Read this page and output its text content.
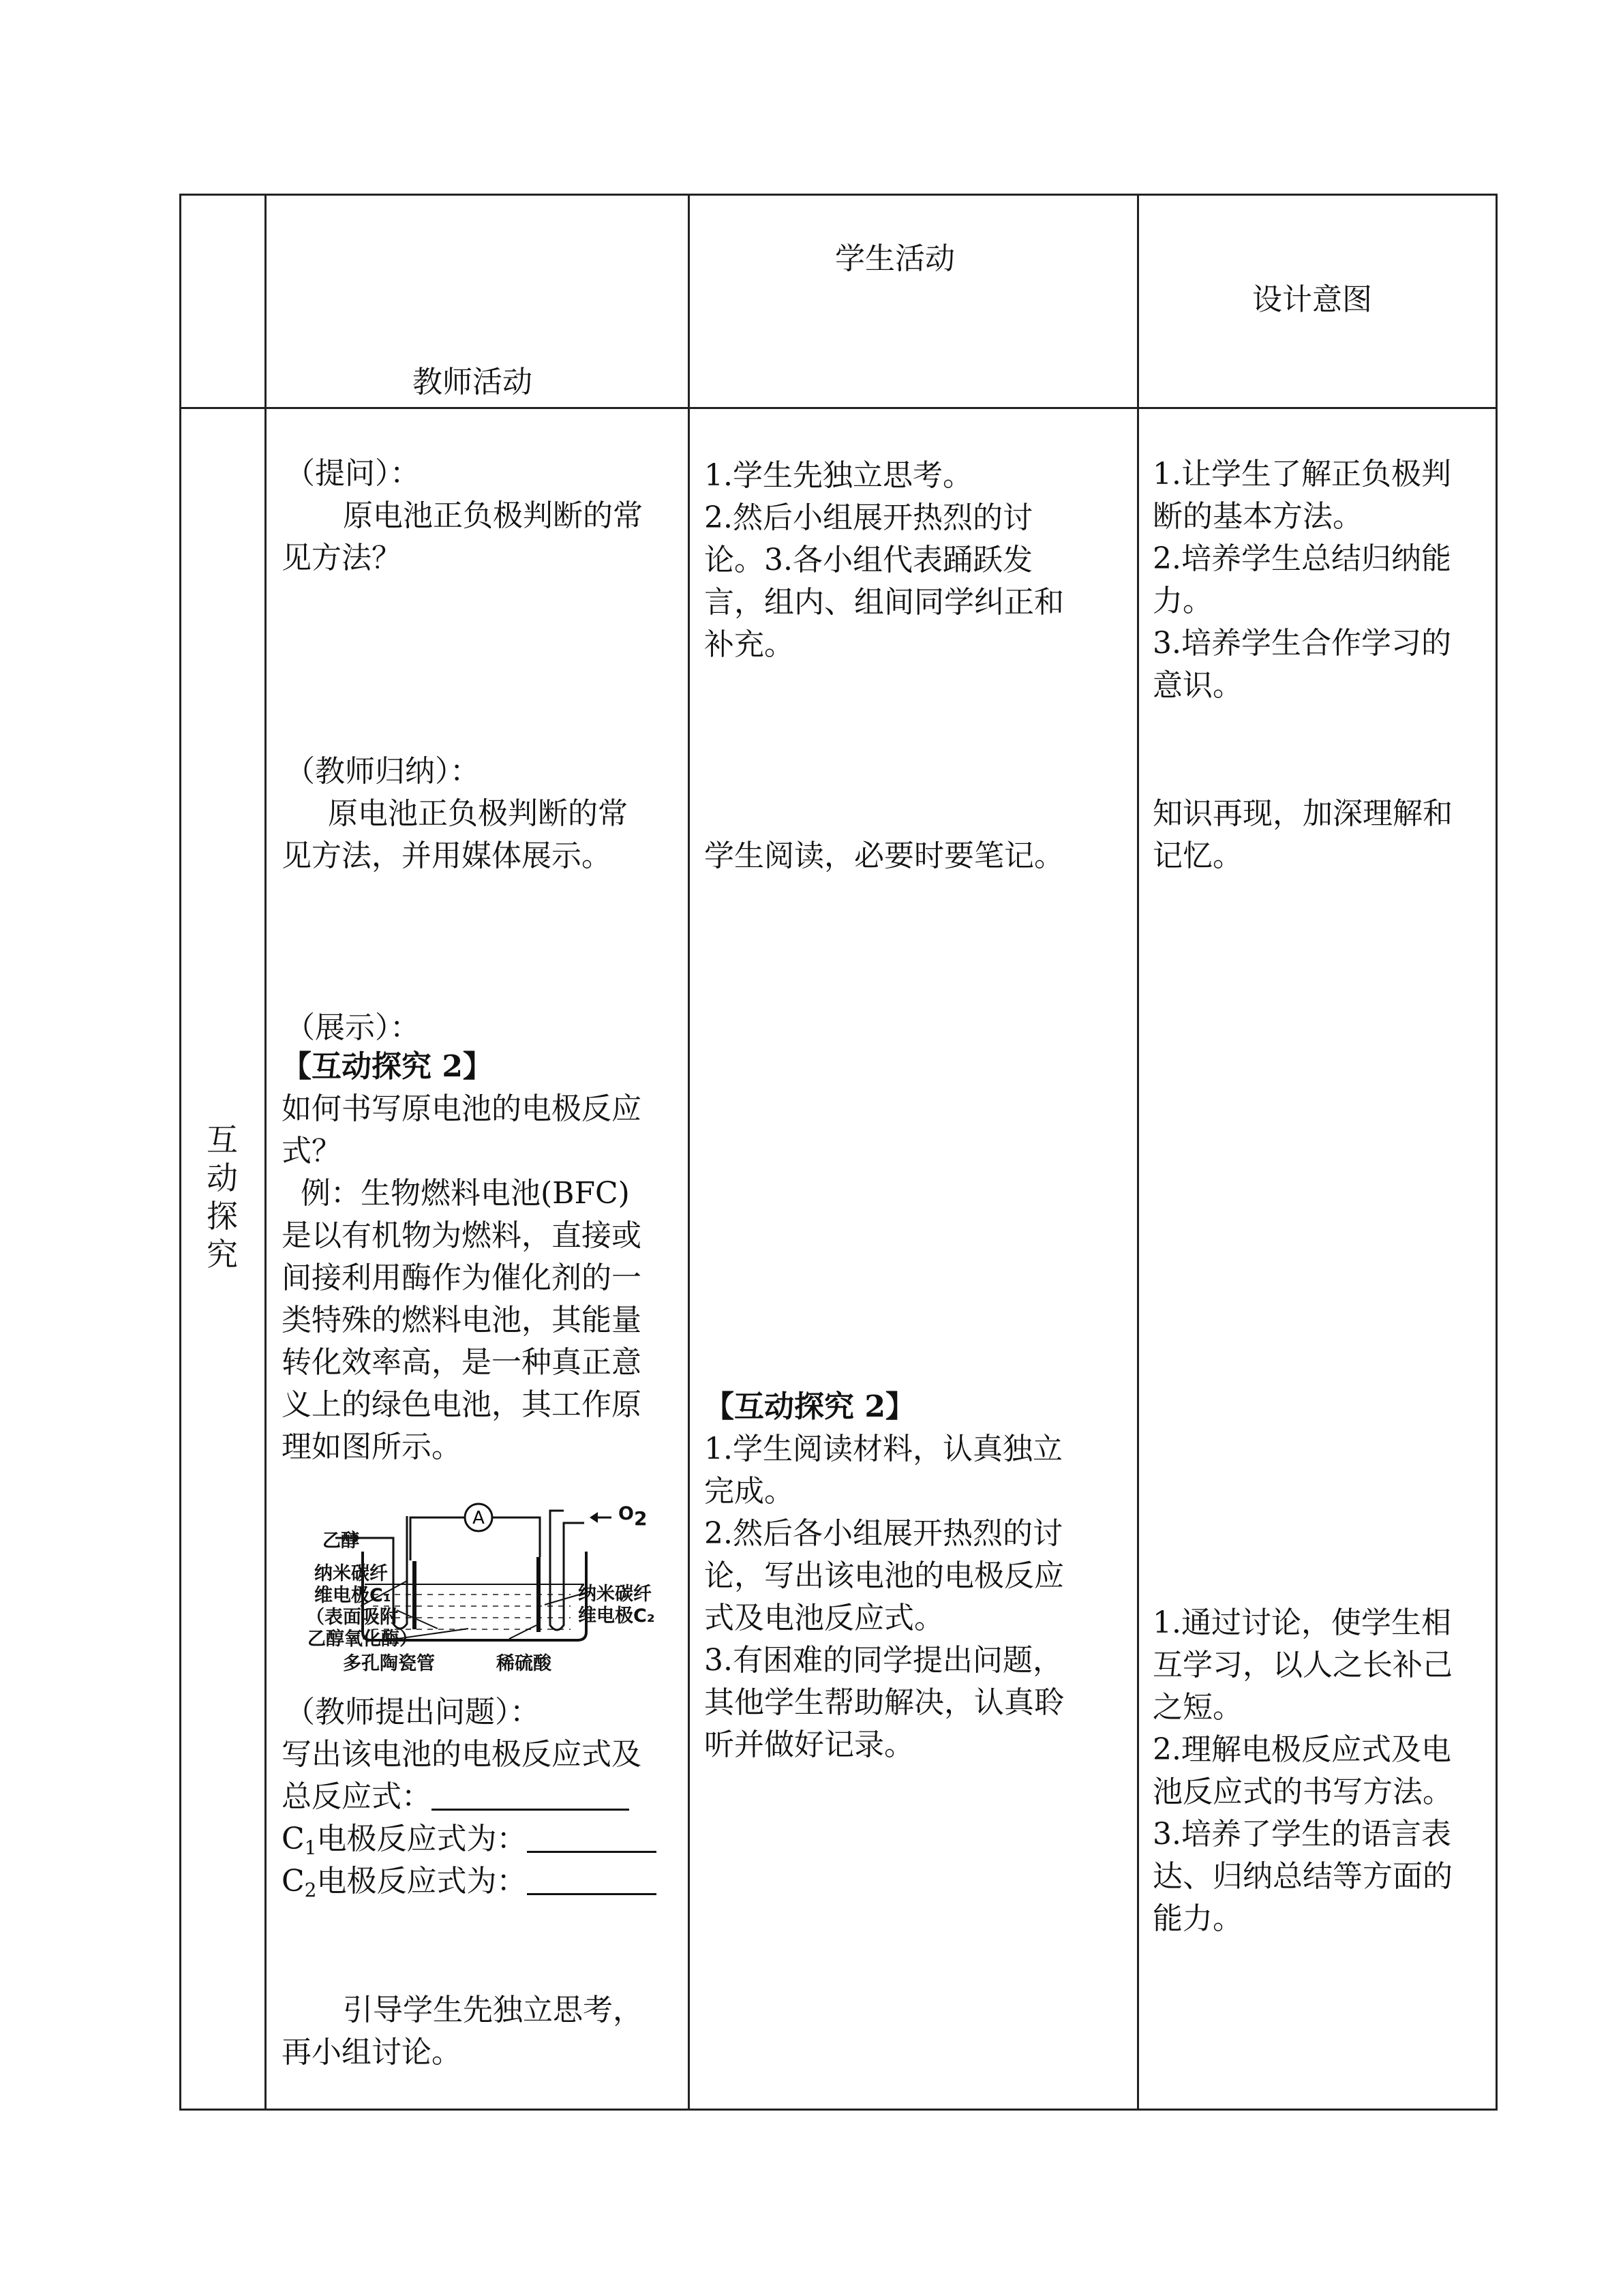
教师活动
学生活动
设计意图
互动探究
（提问）：
原电池正负极判断的常
见方法？
（教师归纳）：
原电池正负极判断的常
见方法，并用媒体展示。
（展示）：
【互动探究 2】
如何书写原电池的电极反应
式？
例：生物燃料电池(BFC)
是以有机物为燃料，直接或
间接利用酶作为催化剂的一
类特殊的燃料电池，其能量
转化效率高，是一种真正意
义上的绿色电池，其工作原
理如图所示。
A
乙醇
O2
纳米碳纤
维电极C₁
（表面吸附
乙醇氧化酶）
纳米碳纤
维电极C₂
多孔陶瓷管	稀硫酸
（教师提出问题）：
写出该电池的电极反应式及
总反应式：
$C_1$电极反应式为：
$C_2$电极反应式为：
引导学生先独立思考，
再小组讨论。
1.学生先独立思考。
2.然后小组展开热烈的讨
论。3.各小组代表踊跃发
言，组内、组间同学纠正和
补充。
学生阅读，必要时要笔记。
【互动探究 2】
1.学生阅读材料，认真独立
完成。
2.然后各小组展开热烈的讨
论，写出该电池的电极反应
式及电池反应式。
3.有困难的同学提出问题，
其他学生帮助解决，认真聆
听并做好记录。
1.让学生了解正负极判
断的基本方法。
2.培养学生总结归纳能
力。
3.培养学生合作学习的
意识。
知识再现，加深理解和
记忆。
1.通过讨论，使学生相
互学习，以人之长补己
之短。
2.理解电极反应式及电
池反应式的书写方法。
3.培养了学生的语言表
达、归纳总结等方面的
能力。
